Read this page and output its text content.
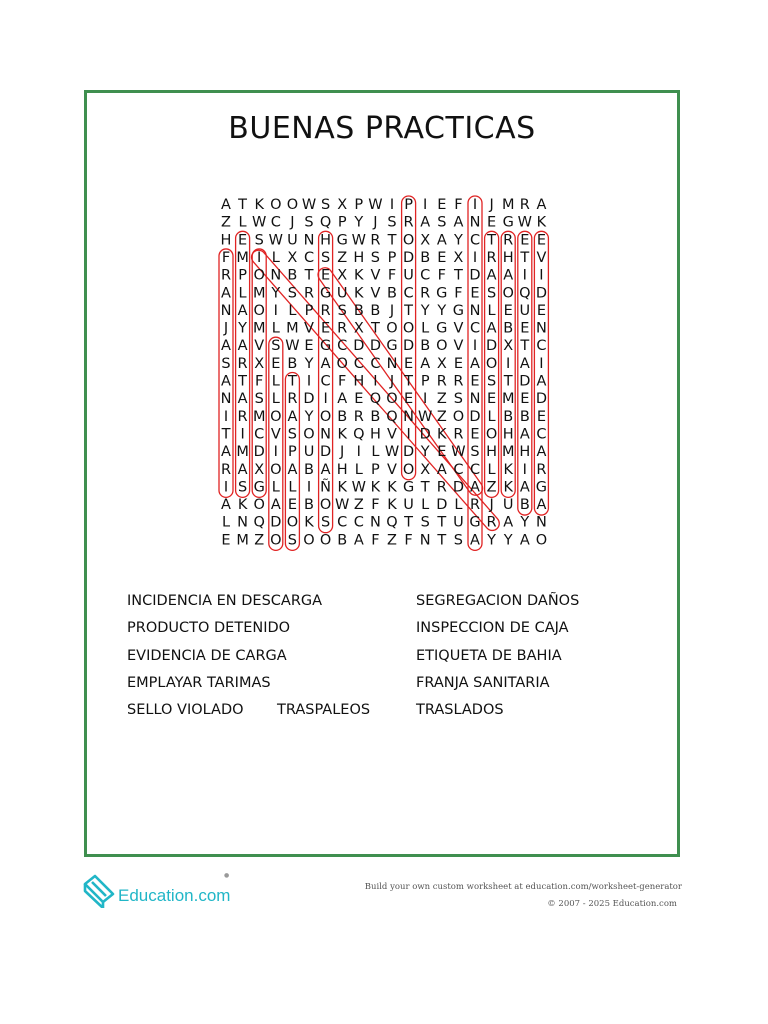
BUENAS PRACTICAS
A T K O O W S X P W I P I E F I J M R A
Z L W C J S Q P Y J S R A S A N E G W K
H E S W U N H G W R T O X A Y C T R E E
F M I L X C S Z H S P D B E X I R H T V
R P O N B T E X K V F U C F T D A A I I
A L M Y S R G U K V B C R G F E S O Q D
N A O I L P R S B B J T Y Y G N L E U E
J Y M L M V E R X T O O L G V C A B E N
A A V S W E G C D D G D B O V I D X T C
S R X E B Y A O C C N E A X E A O I A I
A T F L T I C F H I J T P R R E S T D A
N A S L R D I A E Q O E I Z S N E M E D
I R M O A Y O B R B Q N W Z O D L B B E
T I C V S O N K Q H V I D K R E O H A C
A M D I P U D J I L W D Y E W S H M H A
R A X O A B A H L P V O X A C C L K I R
I S G L L I Ñ K W K K G T R D A Z K A G
A K O A E B O W Z F K U L D L R J U B A
L N Q D O K S C C N Q T S T U G R A Y N
E M Z O S O O B A F Z F N T S A Y Y A O
INCIDENCIA EN DESCARGA	SEGREGACION DAÑOS
PRODUCTO DETENIDO	INSPECCION DE CAJA
EVIDENCIA DE CARGA	ETIQUETA DE BAHIA
EMPLAYAR TARIMAS	FRANJA SANITARIA
SELLO VIOLADO TRASPALEOS	TRASLADOS
Education.com
●
Build your own custom worksheet at education.com/worksheet-generator
© 2007 - 2025 Education.com
